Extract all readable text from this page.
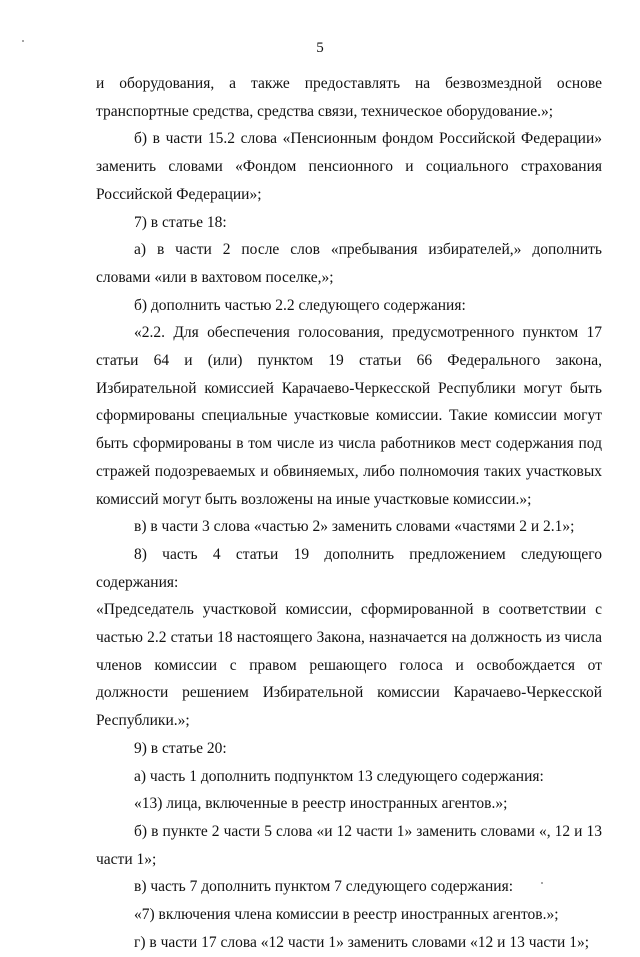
5

и оборудования, а также предоставлять на безвозмездной основе транспортные средства, средства связи, техническое оборудование.»;

б) в части 15.2 слова «Пенсионным фондом Российской Федерации» заменить словами «Фондом пенсионного и социального страхования Российской Федерации»;

7) в статье 18:

а) в части 2 после слов «пребывания избирателей,» дополнить словами «или в вахтовом поселке,»;

б) дополнить частью 2.2 следующего содержания:

«2.2. Для обеспечения голосования, предусмотренного пунктом 17 статьи 64 и (или) пунктом 19 статьи 66 Федерального закона, Избирательной комиссией Карачаево-Черкесской Республики могут быть сформированы специальные участковые комиссии. Такие комиссии могут быть сформированы в том числе из числа работников мест содержания под стражей подозреваемых и обвиняемых, либо полномочия таких участковых комиссий могут быть возложены на иные участковые комиссии.»;

в) в части 3 слова «частью 2» заменить словами «частями 2 и 2.1»;

8) часть 4 статьи 19 дополнить предложением следующего содержания:

«Председатель участковой комиссии, сформированной в соответствии с частью 2.2 статьи 18 настоящего Закона, назначается на должность из числа членов комиссии с правом решающего голоса и освобождается от должности решением Избирательной комиссии Карачаево-Черкесской Республики.»;

9) в статье 20:

а) часть 1 дополнить подпунктом 13 следующего содержания:

«13) лица, включенные в реестр иностранных агентов.»;

б) в пункте 2 части 5 слова «и 12 части 1» заменить словами «, 12 и 13 части 1»;

в) часть 7 дополнить пунктом 7 следующего содержания:

«7) включения члена комиссии в реестр иностранных агентов.»;

г) в части 17 слова «12 части 1» заменить словами «12 и 13 части 1»;
